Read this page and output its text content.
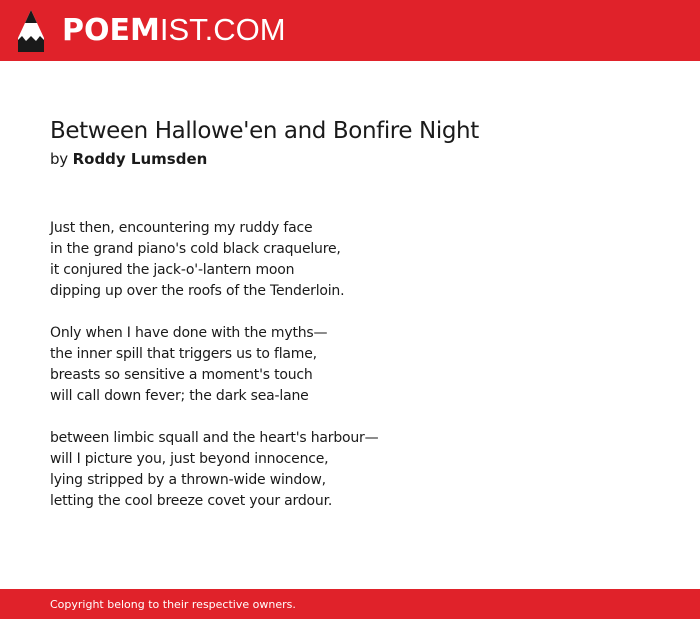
POEMIST.COM
Between Hallowe'en and Bonfire Night
by Roddy Lumsden
Just then, encountering my ruddy face
in the grand piano's cold black craquelure,
it conjured the jack-o'-lantern moon
dipping up over the roofs of the Tenderloin.
Only when I have done with the myths—
the inner spill that triggers us to flame,
breasts so sensitive a moment's touch
will call down fever; the dark sea-lane
between limbic squall and the heart's harbour—
will I picture you, just beyond innocence,
lying stripped by a thrown-wide window,
letting the cool breeze covet your ardour.
Copyright belong to their respective owners.
